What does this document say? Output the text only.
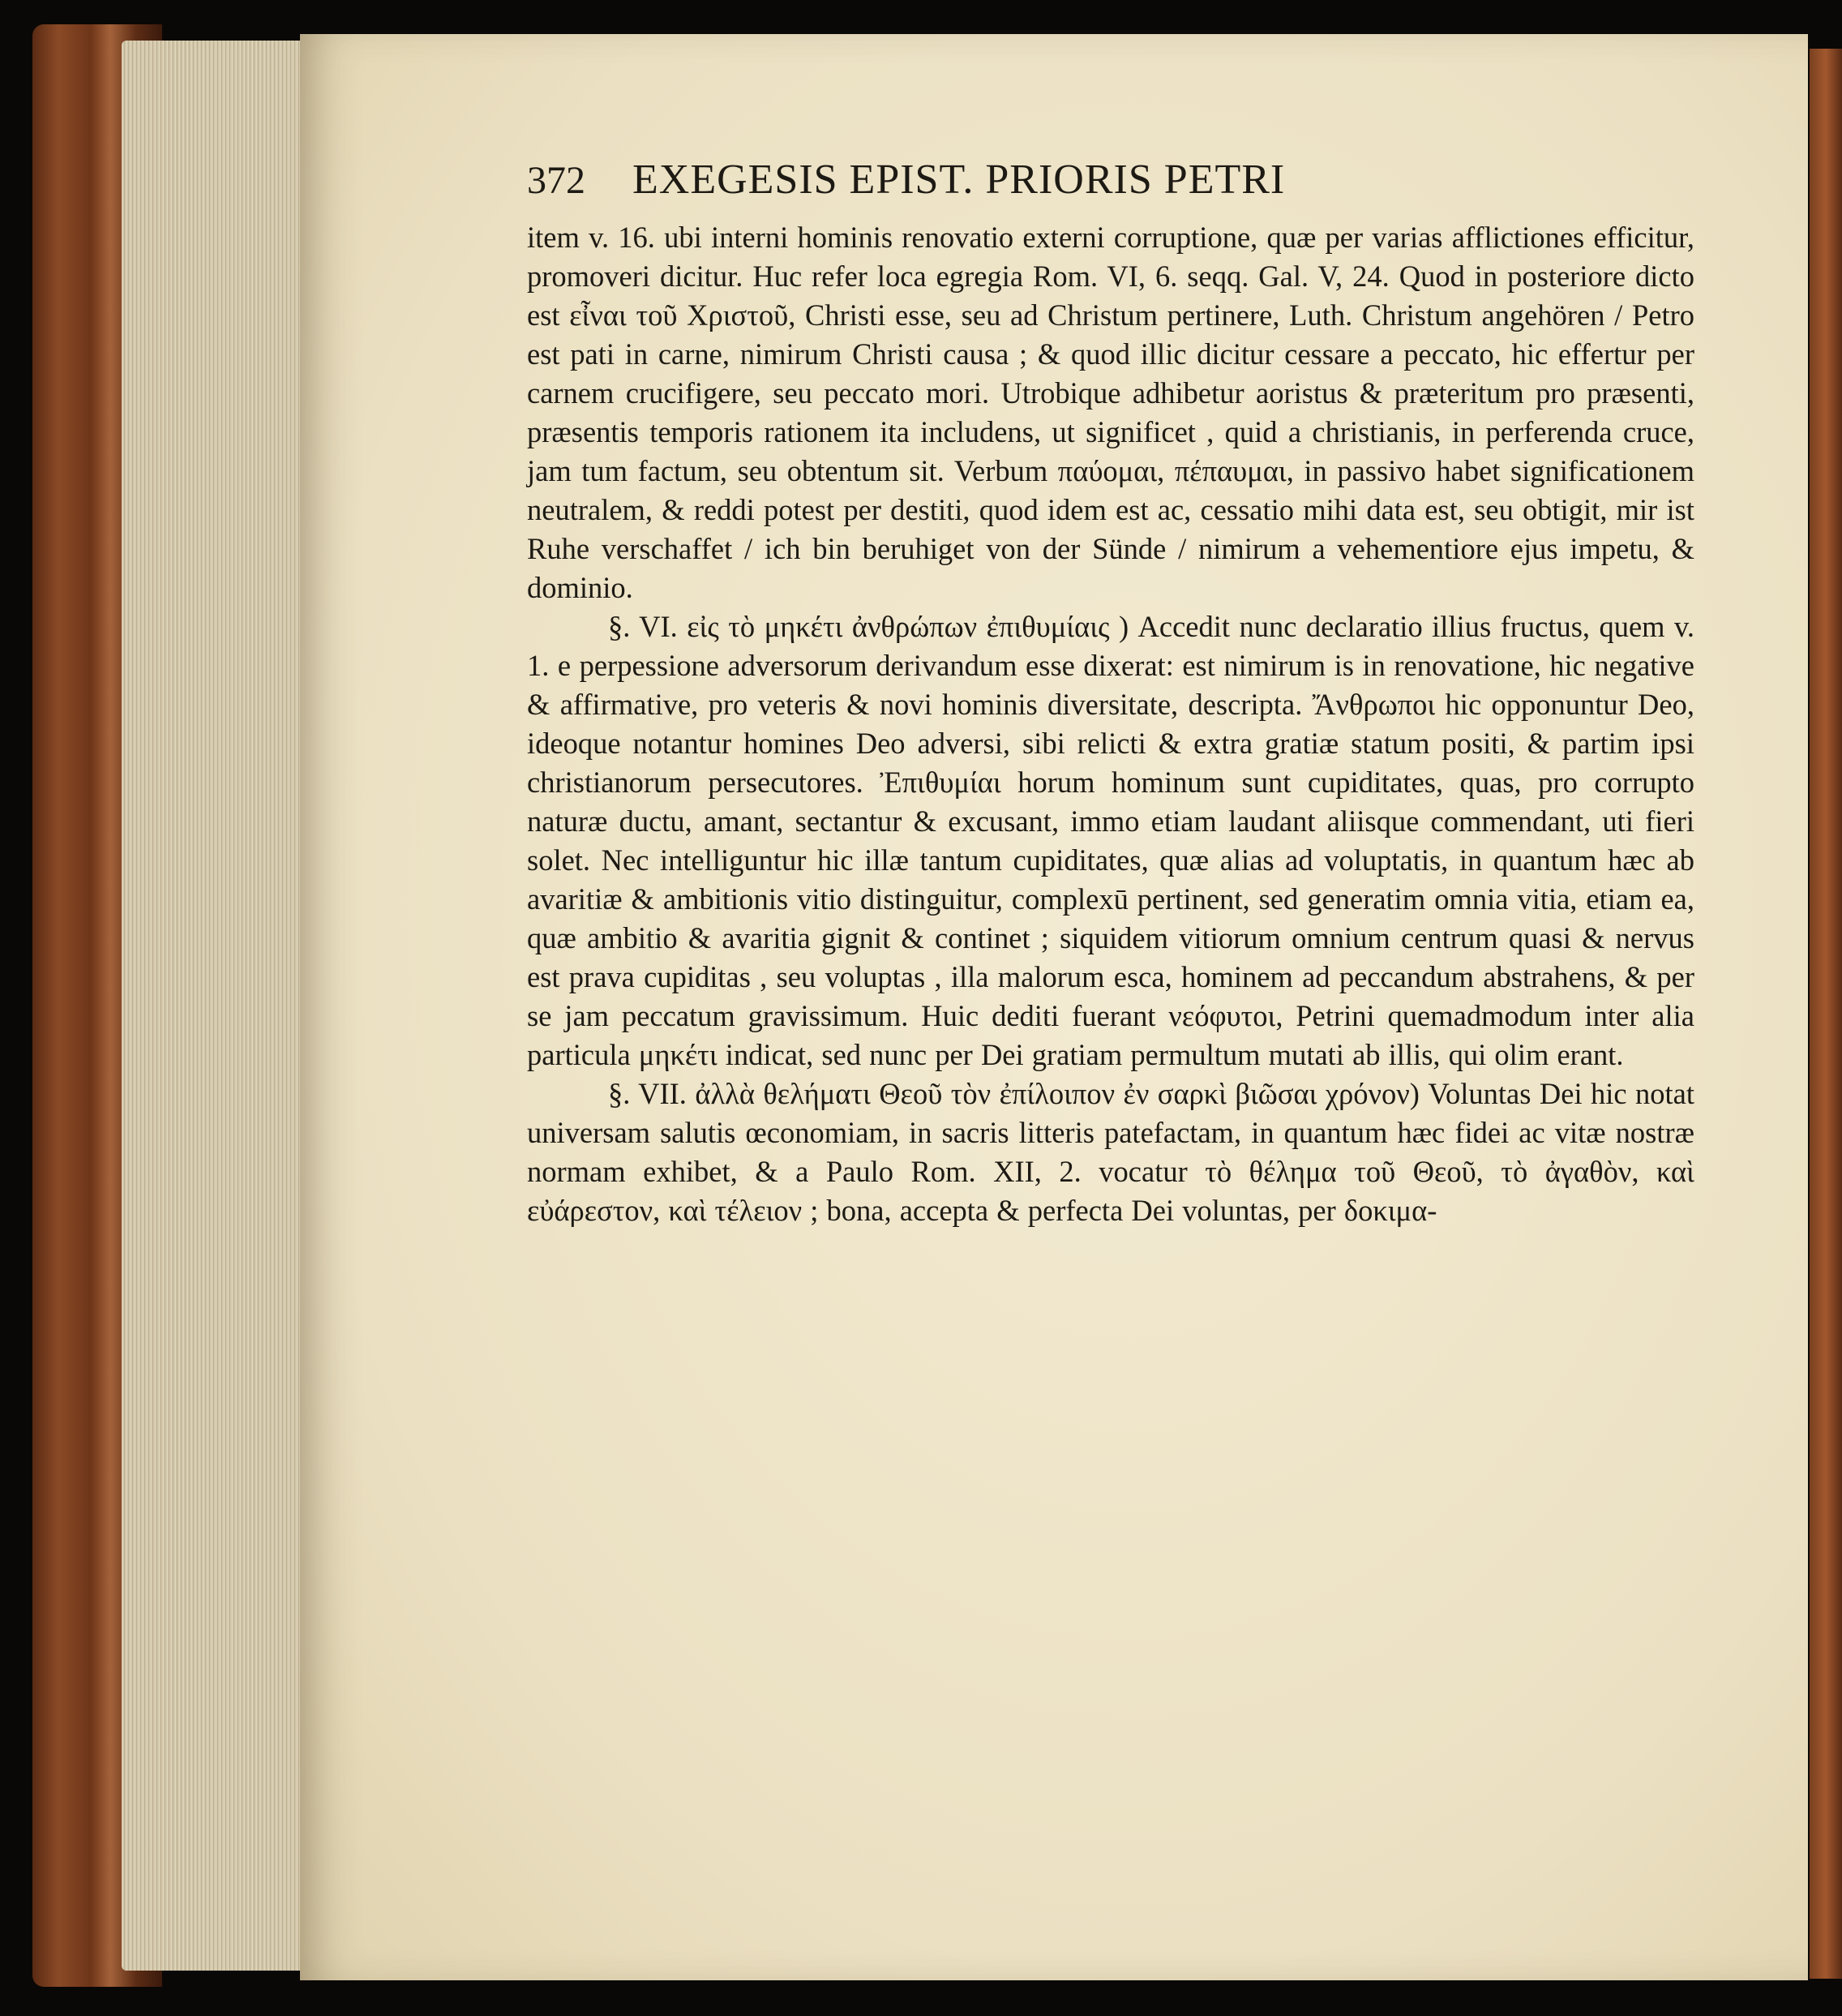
372	EXEGESIS EPIST. PRIORIS PETRI

item v. 16. ubi interni hominis renovatio externi corruptione, quæ per varias afflictiones efficitur, promoveri dicitur. Huc refer loca egregia Rom. VI, 6. seqq. Gal. V, 24. Quod in posteriore dicto est εἶναι τοῦ Χριστοῦ, Christi esse, seu ad Christum pertinere, Luth. Christum angehören / Petro est pati in carne, nimirum Christi causa ; & quod illic dicitur cessare a peccato, hic effertur per carnem crucifigere, seu peccato mori. Utrobique adhibetur aoristus & præteritum pro præsenti, præsentis temporis rationem ita includens, ut significet , quid a christianis, in perferenda cruce, jam tum factum, seu obtentum sit. Verbum παύομαι, πέπαυμαι, in passivo habet significationem neutralem, & reddi potest per destiti, quod idem est ac, cessatio mihi data est, seu obtigit, mir ist Ruhe verschaffet / ich bin beruhiget von der Sünde / nimirum a vehementiore ejus impetu, & dominio.

§. VI. εἰς τὸ μηκέτι ἀνθρώπων ἐπιθυμίαις ) Accedit nunc declaratio illius fructus, quem v. 1. e perpessione adversorum derivandum esse dixerat: est nimirum is in renovatione, hic negative & affirmative, pro veteris & novi hominis diversitate, descripta. Ἄνθρωποι hic opponuntur Deo, ideoque notantur homines Deo adversi, sibi relicti & extra gratiæ statum positi, & partim ipsi christianorum persecutores. Ἐπιθυμίαι horum hominum sunt cupiditates, quas, pro corrupto naturæ ductu, amant, sectantur & excusant, immo etiam laudant aliisque commendant, uti fieri solet. Nec intelliguntur hic illæ tantum cupiditates, quæ alias ad voluptatis, in quantum hæc ab avaritiæ & ambitionis vitio distinguitur, complexū pertinent, sed generatim omnia vitia, etiam ea, quæ ambitio & avaritia gignit & continet ; siquidem vitiorum omnium centrum quasi & nervus est prava cupiditas , seu voluptas , illa malorum esca, hominem ad peccandum abstrahens, & per se jam peccatum gravissimum. Huic dediti fuerant νεόφυτοι, Petrini quemadmodum inter alia particula μηκέτι indicat, sed nunc per Dei gratiam permultum mutati ab illis, qui olim erant.

§. VII. ἀλλὰ θελήματι Θεοῦ τὸν ἐπίλοιπον ἐν σαρκὶ βιῶσαι χρόνον) Voluntas Dei hic notat universam salutis œconomiam, in sacris litteris patefactam, in quantum hæc fidei ac vitæ nostræ normam exhibet, & a Paulo Rom. XII, 2. vocatur τὸ θέλημα τοῦ Θεοῦ, τὸ ἀγαθὸν, καὶ εὐάρεστον, καὶ τέλειον ; bona, accepta & perfecta Dei voluntas, per δοκιμα-
